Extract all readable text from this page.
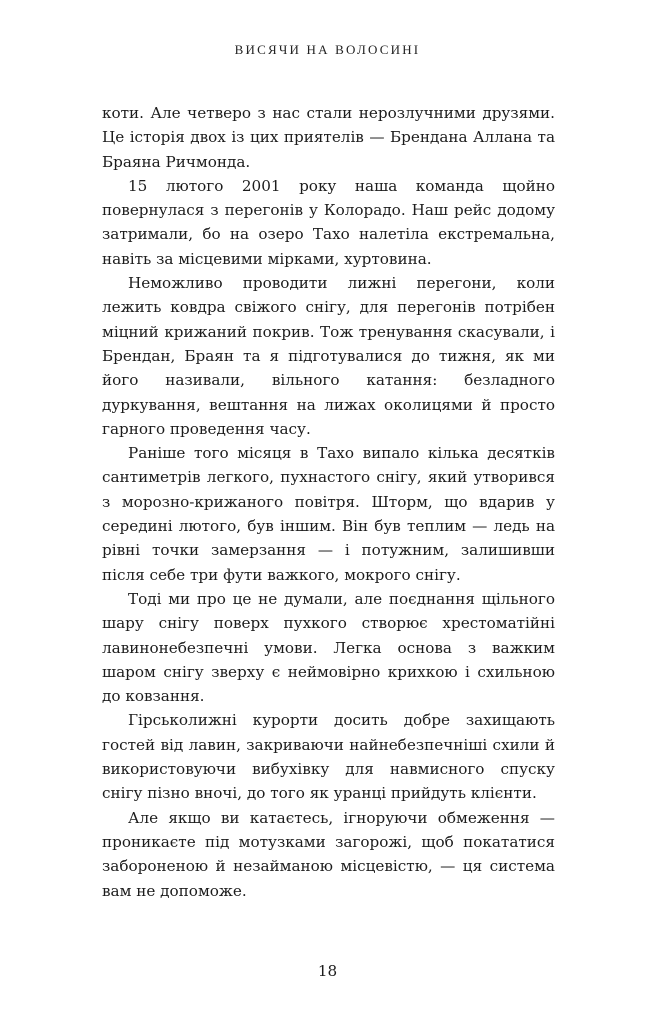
ВИСЯЧИ НА ВОЛОСИНІ

коти. Але четверо з нас стали нерозлучними друзями. Це історія двох із цих приятелів — Брендана Аллана та Браяна Ричмонда.

15 лютого 2001 року наша команда щойно повернулася з перегонів у Колорадо. Наш рейс додому затримали, бо на озеро Тахо налетіла екстремальна, навіть за місцевими мірками, хуртовина.

Неможливо проводити лижні перегони, коли лежить ковдра свіжого снігу, для перегонів потрібен міцний крижаний покрив. Тож тренування скасували, і Брендан, Браян та я підготувалися до тижня, як ми його називали, вільного катання: безладного дуркування, вештання на лижах околицями й просто гарного проведення часу.

Раніше того місяця в Тахо випало кілька десятків сантиметрів легкого, пухнастого снігу, який утворився з морозно-крижаного повітря. Шторм, що вдарив у середині лютого, був іншим. Він був теплим — ледь на рівні точки замерзання — і потужним, залишивши після себе три фути важкого, мокрого снігу.

Тоді ми про це не думали, але поєднання щільного шару снігу поверх пухкого створює хрестоматійні лавинонебезпечні умови. Легка основа з важким шаром снігу зверху є неймовірно крихкою і схильною до ковзання.

Гірськолижні курорти досить добре захищають гостей від лавин, закриваючи найнебезпечніші схили й використовуючи вибухівку для навмисного спуску снігу пізно вночі, до того як уранці прийдуть клієнти.

Але якщо ви катаєтесь, ігноруючи обмеження — проникаєте під мотузками загорожі, щоб покататися забороненою й незайманою місцевістю, — ця система вам не допоможе.

18
